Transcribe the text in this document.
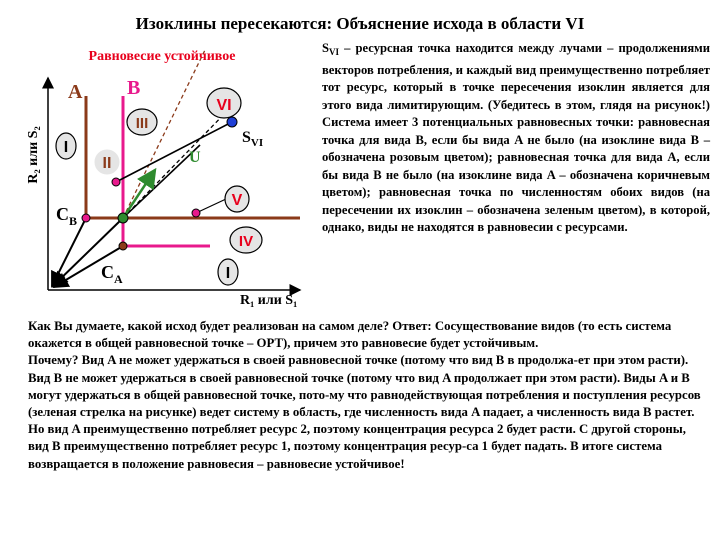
Изоклины пересекаются: Объяснение исхода в области VI
I
II
III
VI
V
IV
I
Равновесие устойчивое
A B
$C_B$
$C_A$
$S_{VI}$
U
R₂ или S₂
R₁ или S₁
$S_{VI}$ – ресурсная точка находится между лучами – продолжениями векторов потребления, и каждый вид преимущественно потребляет тот ресурс, который в точке пересечения изоклин является для этого вида лимитирующим. (Убедитесь в этом, глядя на рисунок!) Система имеет 3 потенциальных равновесных точки: равновесная точка для вида B, если бы вида A не было (на изоклине вида B – обозначена розовым цветом); равновесная точка для вида A, если бы вида B не было (на изоклине вида A – обозначена коричневым цветом); равновесная точка по численностям обоих видов (на пересечении их изоклин – обозначена зеленым цветом), в которой, однако, виды не находятся в равновесии с ресурсами.
Как Вы думаете, какой исход будет реализован на самом деле? Ответ: Сосуществование видов (то есть система окажется в общей равновесной точке – ОРТ), причем это равновесие будет устойчивым.
Почему? Вид A не может удержаться в своей равновесной точке (потому что вид B в продолжа-ет при этом расти). Вид B не может удержаться в своей равновесной точке (потому что вид A продолжает при этом расти). Виды A и B могут удержаться в общей равновесной точке, пото-му что равнодействующая потребления и поступления ресурсов (зеленая стрелка на рисунке) ведет систему в область, где численность вида A падает, а численность вида B растет. Но вид A преимущественно потребляет ресурс 2, поэтому концентрация ресурса 2 будет расти. С другой стороны, вид B преимущественно потребляет ресурс 1, поэтому концентрация ресур-са 1 будет падать. В итоге система возвращается в положение равновесия – равновесие устойчивое!
